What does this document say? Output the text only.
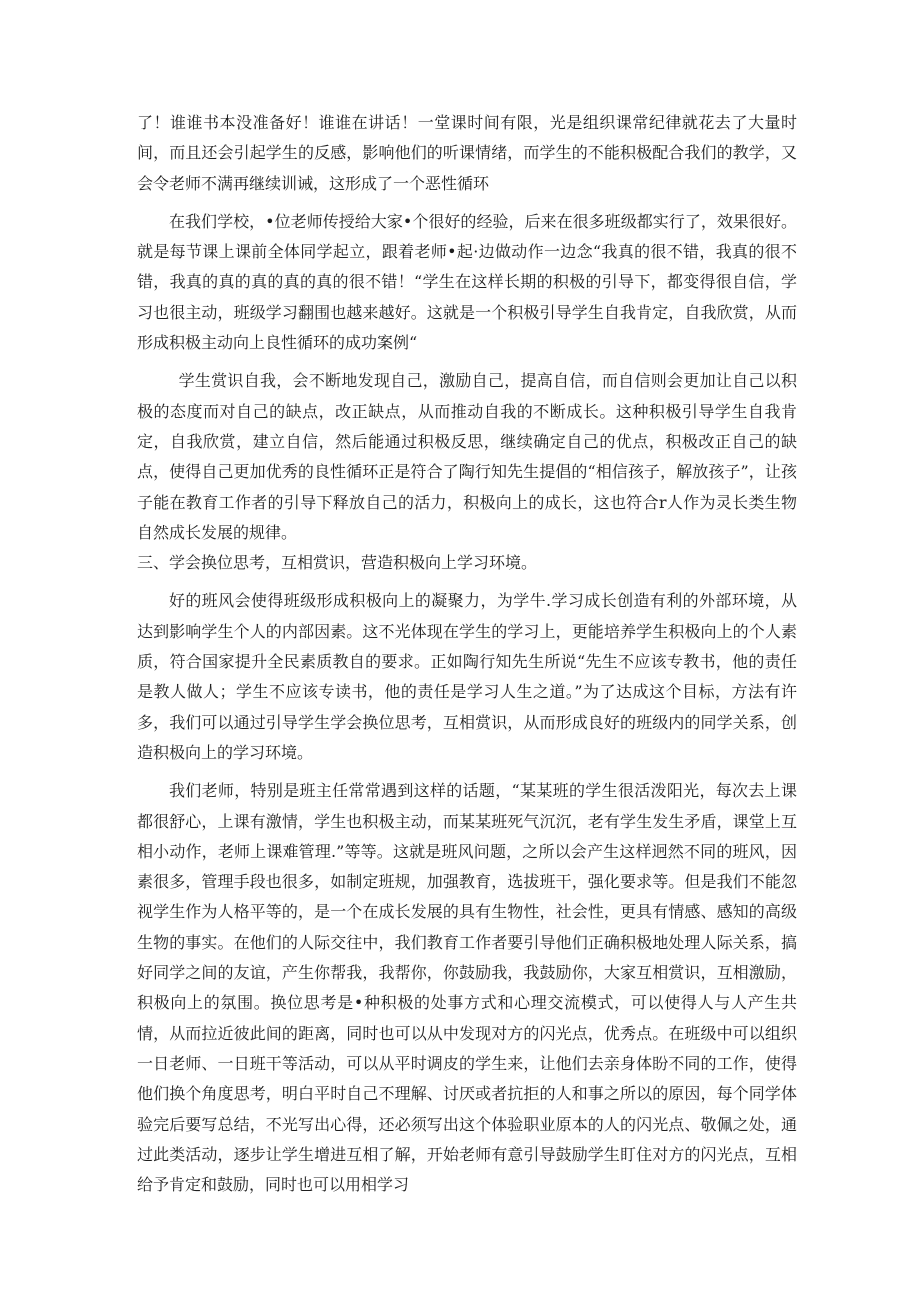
了！谁谁书本没准备好！谁谁在讲话！一堂课时间有限，光是组织课常纪律就花去了大量时间，而且还会引起学生的反感，影响他们的听课情绪，而学生的不能积极配合我们的教学，又会令老师不满再继续训诫，这形成了一个恶性循环

在我们学校，•位老师传授给大家•个很好的经验，后来在很多班级都实行了，效果很好。就是每节课上课前全体同学起立，跟着老师•起·边做动作一边念“我真的很不错，我真的很不错，我真的真的真的真的真的很不错！“学生在这样长期的积极的引导下，都变得很自信，学习也很主动，班级学习翻围也越来越好。这就是一个积极引导学生自我肯定，自我欣赏，从而形成积极主动向上良性循环的成功案例“

学生赏识自我，会不断地发现自己，激励自己，提高自信，而自信则会更加让自己以积极的态度而对自己的缺点，改正缺点，从而推动自我的不断成长。这种积极引导学生自我肯定，自我欣赏，建立自信，然后能通过积极反思，继续确定自己的优点，积极改正自己的缺点，使得自己更加优秀的良性循环正是符合了陶行知先生提倡的“相信孩子，解放孩子”，让孩子能在教育工作者的引导下释放自己的活力，积极向上的成长，这也符合r人作为灵长类生物自然成长发展的规律。

三、学会换位思考，互相赏识，营造积极向上学习环境。

好的班风会使得班级形成积极向上的凝聚力，为学牛.学习成长创造有利的外部环境，从达到影响学生个人的内部因素。这不光体现在学生的学习上，更能培养学生积极向上的个人素质，符合国家提升全民素质教自的要求。正如陶行知先生所说“先生不应该专教书，他的责任是教人做人；学生不应该专读书，他的责任是学习人生之道。”为了达成这个目标，方法有许多，我们可以通过引导学生学会换位思考，互相赏识，从而形成良好的班级内的同学关系，创造积极向上的学习环境。

我们老师，特别是班主任常常遇到这样的话题，“某某班的学生很活泼阳光，每次去上课都很舒心，上课有激情，学生也积极主动，而某某班死气沉沉，老有学生发生矛盾，课堂上互相小动作，老师上课难管理.”等等。这就是班风问题，之所以会产生这样迥然不同的班风，因素很多，管理手段也很多，如制定班规，加强教育，选拔班干，强化要求等。但是我们不能忽视学生作为人格平等的，是一个在成长发展的具有生物性，社会性，更具有情感、感知的高级生物的事实。在他们的人际交往中，我们教育工作者要引导他们正确积极地处理人际关系，搞好同学之间的友谊，产生你帮我，我帮你，你鼓励我，我鼓励你，大家互相赏识，互相激励，积极向上的氛围。换位思考是•种积极的处事方式和心理交流模式，可以使得人与人产生共情，从而拉近彼此间的距离，同时也可以从中发现对方的闪光点，优秀点。在班级中可以组织一日老师、一日班干等活动，可以从平时调皮的学生来，让他们去亲身体盼不同的工作，使得他们换个角度思考，明白平时自己不理解、讨厌或者抗拒的人和事之所以的原因，每个同学体验完后要写总结，不光写出心得，还必须写出这个体验职业原本的人的闪光点、敬佩之处，通过此类活动，逐步让学生增进互相了解，开始老师有意引导鼓励学生盯住对方的闪光点，互相给予肯定和鼓励，同时也可以用相学习
